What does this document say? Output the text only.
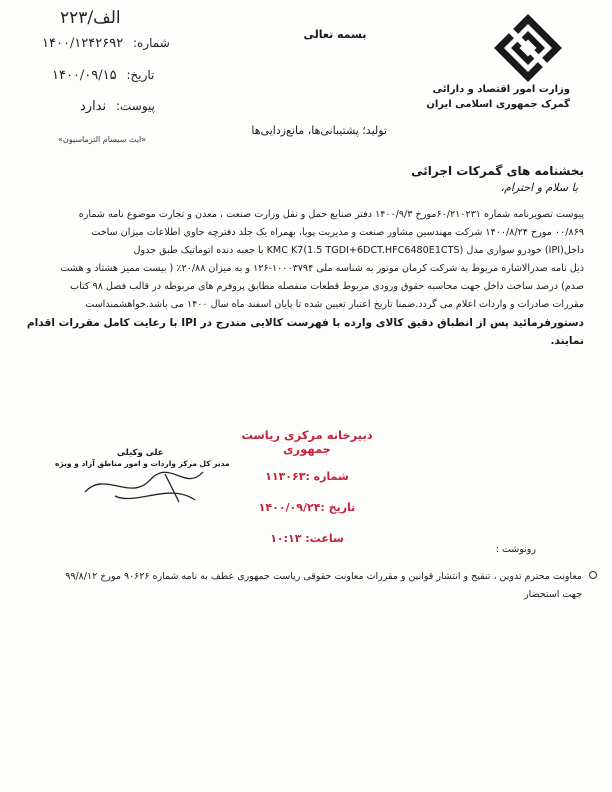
۲۲۳/الف
شماره: ۱۴۰۰/۱۲۴۲۶۹۲
تاریخ: ۱۴۰۰/۰۹/۱۵
پیوست: ندارد
«ایث سیسام الترماسیون»
بسمه تعالی
وزارت امور اقتصاد و دارائی
گمرک جمهوری اسلامی ایران
تولید؛ پشتیبانی‌ها، مانع‌زدایی‌ها
بخشنامه های گمرکات اجرائی
با سلام و احترام،
پیوست تصویرنامه شماره ۶۰/۲۱۰۲۳۱مورخ ۱۴۰۰/۹/۳ دفتر صنایع حمل و نقل وزارت صنعت ، معدن و تجارت موضوع نامه شماره
۰۰/۸۶۹ مورخ ۱۴۰۰/۸/۲۴ شرکت مهندسین مشاور صنعت و مدیریت پویا، بهمراه یک جلد دفترچه حاوی اطلاعات میزان ساخت
داخل(IPI) خودرو سواری مدل KMC K7(1.5 TGDI+6DCT.HFC6480E1CTS) با جعبه دنده اتوماتیک طبق جدول
ذیل نامه صدرالاشاره مربوط به شرکت کرمان موتور به شناسه ملی ۱۰۰۰۳۷۹۴-۱۲۶ و به میزان ۲۰/۸۸٪ ( بیست ممیز هشتاد و هشت
صدم) درصد ساخت داخل جهت محاسبه حقوق ورودی مربوط قطعات منفصله مطابق پروفرم های مربوطه در قالب فصل ۹۸ کتاب
مقررات صادرات و واردات اعلام می گردد.ضمنا تاریخ اعتبار تعیین شده تا پایان اسفند ماه سال ۱۴۰۰ می باشد.خواهشمنداست
دستورفرمائید پس از انطباق دقیق کالای وارده با فهرست کالایی مندرج در IPI با رعایت کامل مقررات اقدام
نمایند.
دبیرخانه مرکزی ریاست جمهوری
شماره :۱۱۳۰۶۳
تاریخ :۱۴۰۰/۰۹/۲۴
ساعت: ۱۰:۱۳
علی وکیلی
مدیر کل مرکز واردات و امور مناطق آزاد و ویژه
رونوشت :
معاونت محترم تدوین ، تنقیح و انتشار قوانین و مقررات معاونت حقوقی ریاست جمهوری عطف به نامه شماره ۹۰۶۲۶ مورخ ۹۹/۸/۱۲
جهت استحضار
